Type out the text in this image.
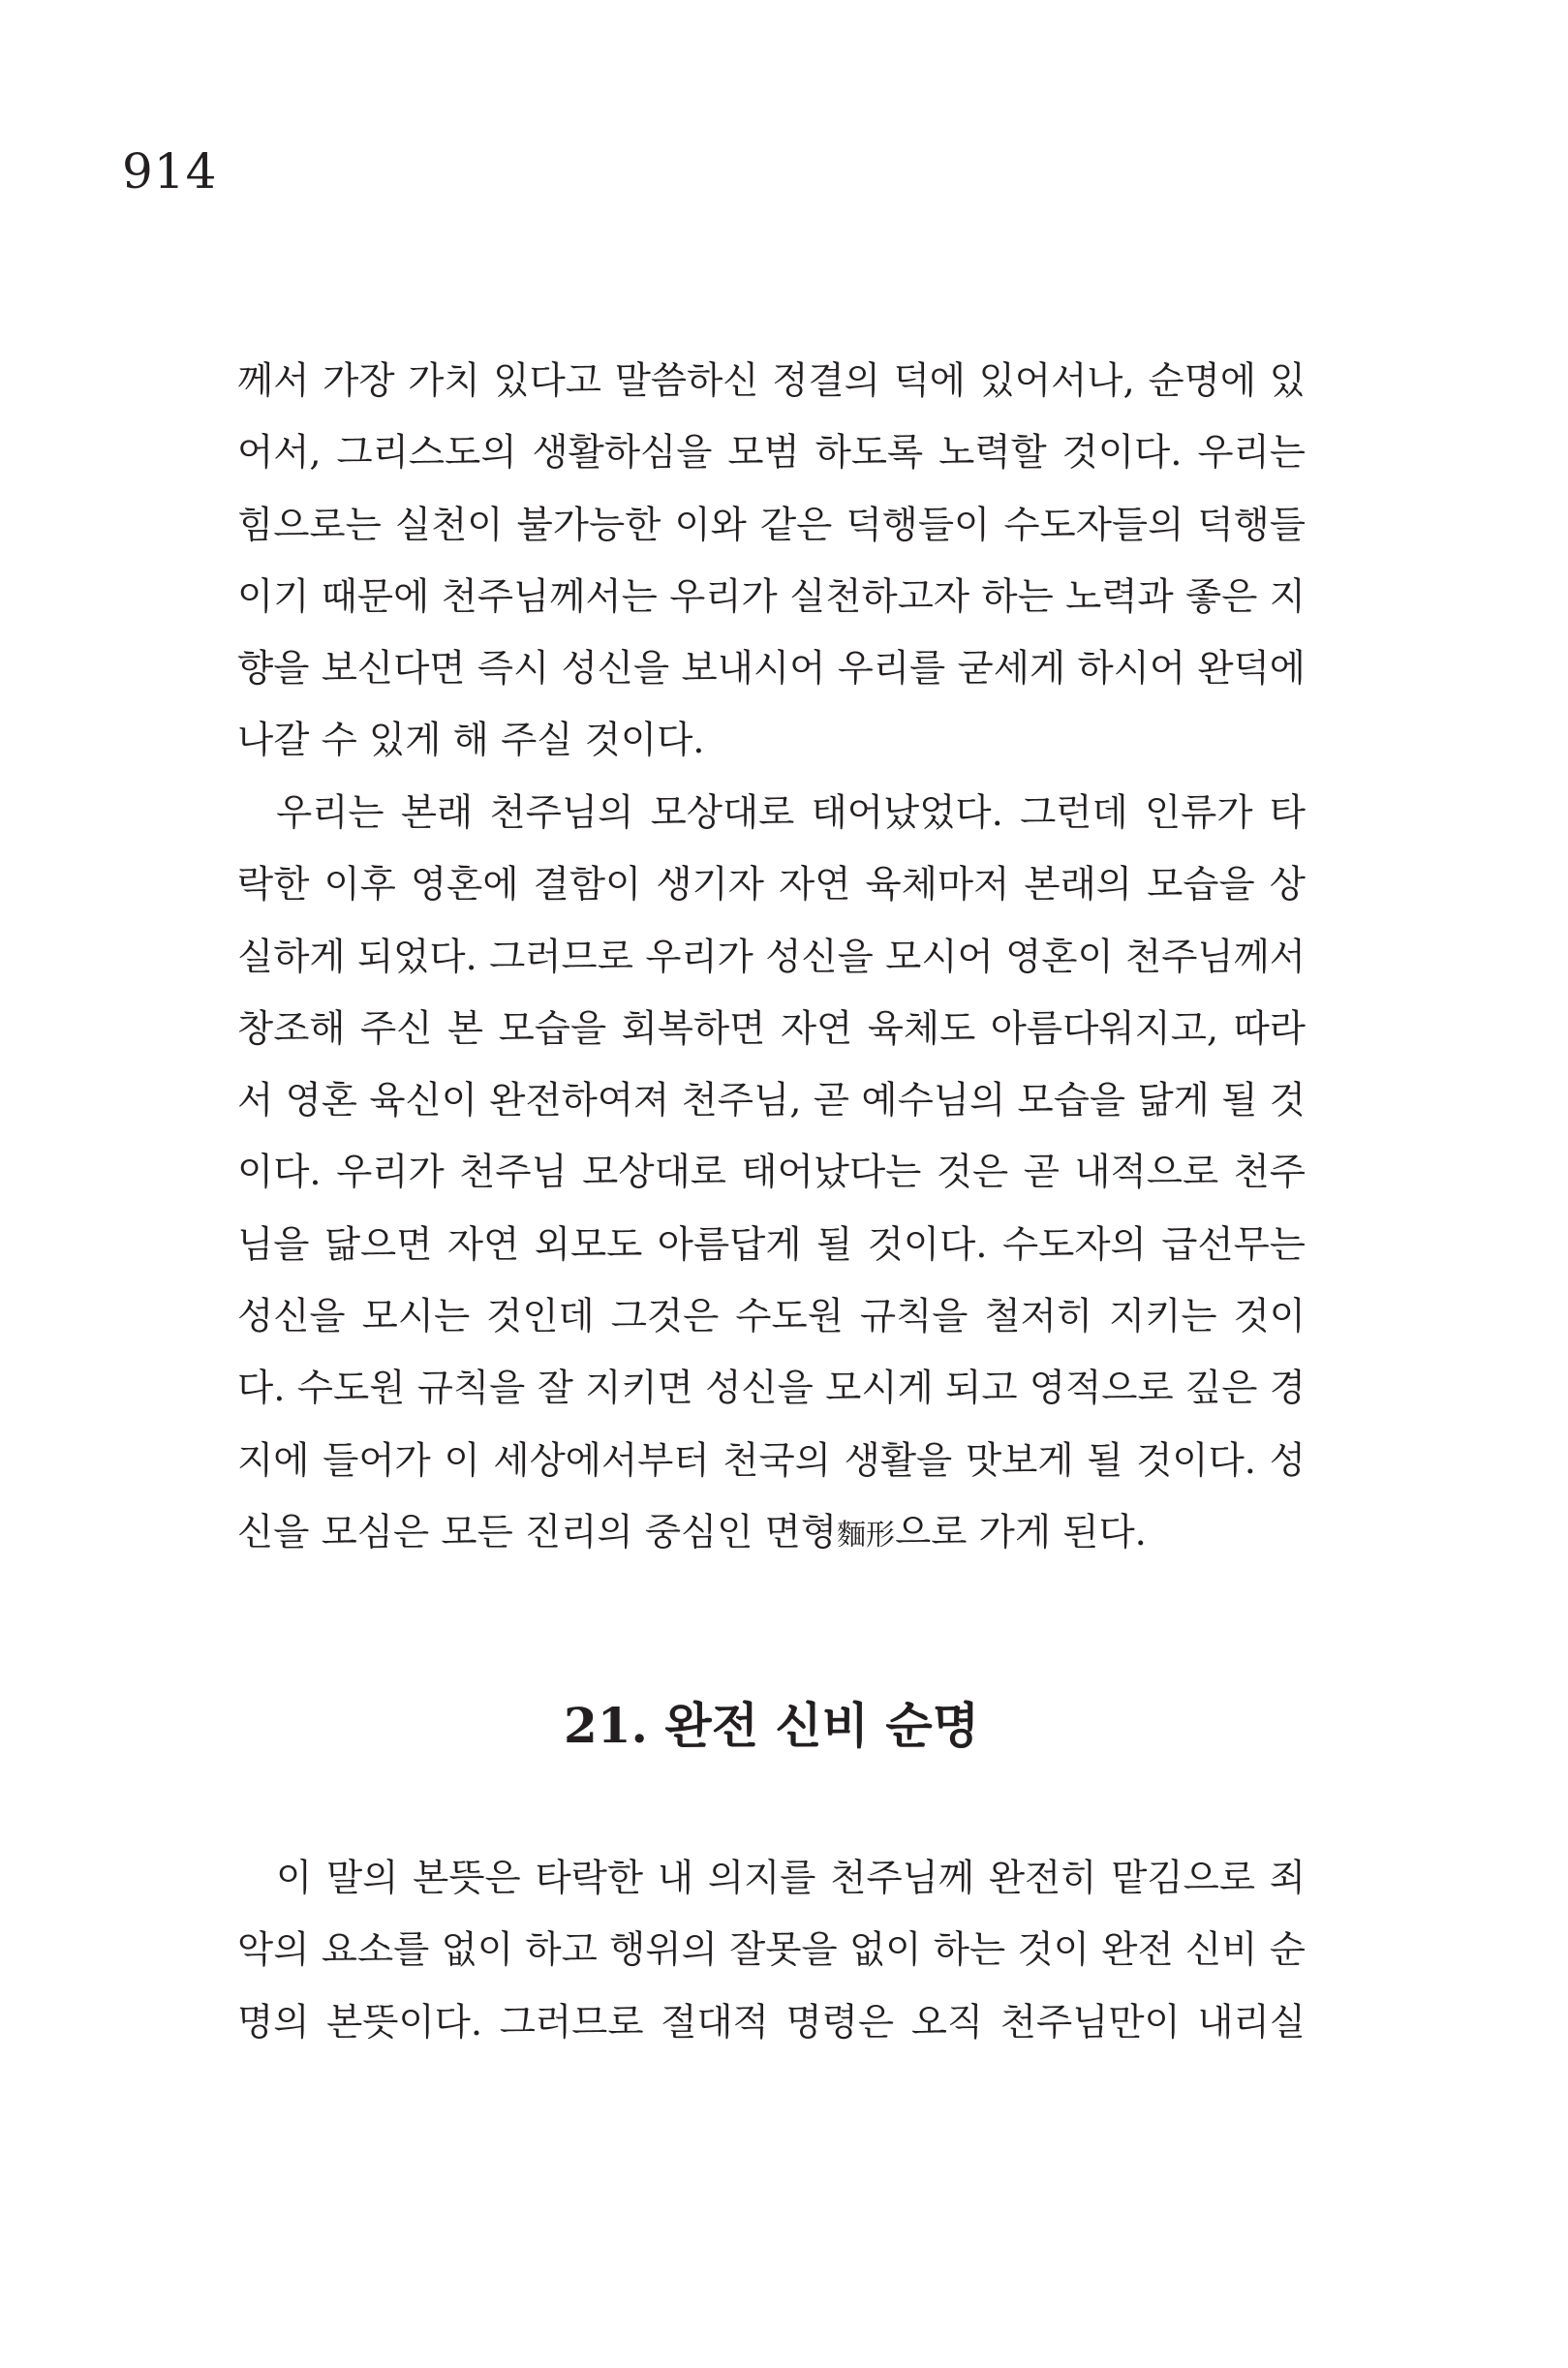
914
께서 가장 가치 있다고 말씀하신 정결의 덕에 있어서나, 순명에 있
어서, 그리스도의 생활하심을 모범 하도록 노력할 것이다. 우리는
힘으로는 실천이 불가능한 이와 같은 덕행들이 수도자들의 덕행들
이기 때문에 천주님께서는 우리가 실천하고자 하는 노력과 좋은 지
향을 보신다면 즉시 성신을 보내시어 우리를 굳세게 하시어 완덕에
나갈 수 있게 해 주실 것이다.
우리는 본래 천주님의 모상대로 태어났었다. 그런데 인류가 타
락한 이후 영혼에 결함이 생기자 자연 육체마저 본래의 모습을 상
실하게 되었다. 그러므로 우리가 성신을 모시어 영혼이 천주님께서
창조해 주신 본 모습을 회복하면 자연 육체도 아름다워지고, 따라
서 영혼 육신이 완전하여져 천주님, 곧 예수님의 모습을 닮게 될 것
이다. 우리가 천주님 모상대로 태어났다는 것은 곧 내적으로 천주
님을 닮으면 자연 외모도 아름답게 될 것이다. 수도자의 급선무는
성신을 모시는 것인데 그것은 수도원 규칙을 철저히 지키는 것이
다. 수도원 규칙을 잘 지키면 성신을 모시게 되고 영적으로 깊은 경
지에 들어가 이 세상에서부터 천국의 생활을 맛보게 될 것이다. 성
신을 모심은 모든 진리의 중심인 면형麵形으로 가게 된다.
21. 완전 신비 순명
이 말의 본뜻은 타락한 내 의지를 천주님께 완전히 맡김으로 죄
악의 요소를 없이 하고 행위의 잘못을 없이 하는 것이 완전 신비 순
명의 본뜻이다. 그러므로 절대적 명령은 오직 천주님만이 내리실
